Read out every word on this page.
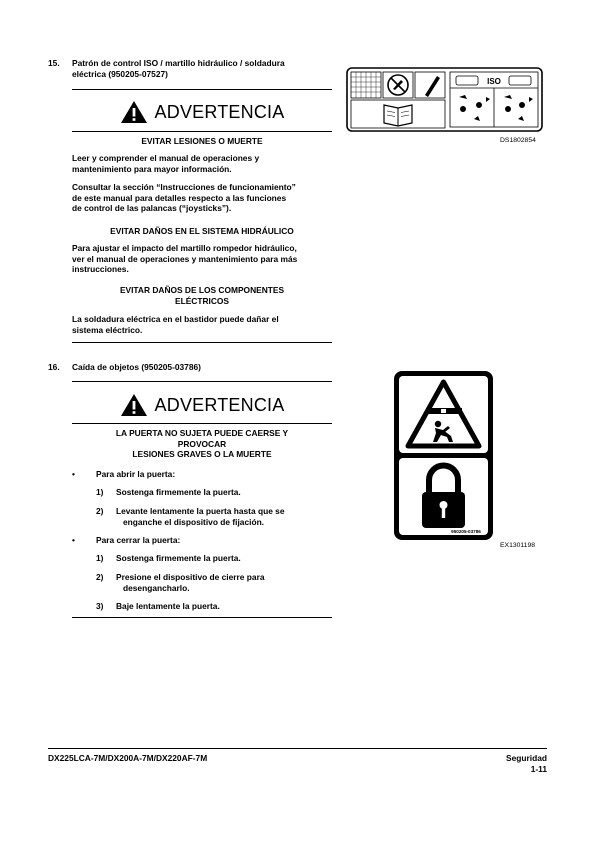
15. Patrón de control ISO / martillo hidráulico / soldadura
eléctrica (950205-07527)
ADVERTENCIA
EVITAR LESIONES O MUERTE
Leer y comprender el manual de operaciones y
mantenimiento para mayor información.
Consultar la sección “Instrucciones de funcionamiento”
de este manual para detalles respecto a las funciones
de control de las palancas (“joysticks”).
EVITAR DAÑOS EN EL SISTEMA HIDRÁULICO
Para ajustar el impacto del martillo rompedor hidráulico,
ver el manual de operaciones y mantenimiento para más
instrucciones.
EVITAR DAÑOS DE LOS COMPONENTES
ELÉCTRICOS
La soldadura eléctrica en el bastidor puede dañar el
sistema eléctrico.
ISO
DS1802854
16. Caída de objetos (950205-03786)
ADVERTENCIA
LA PUERTA NO SUJETA PUEDE CAERSE Y
PROVOCAR
LESIONES GRAVES O LA MUERTE
•	Para abrir la puerta:
1) Sostenga firmemente la puerta.
2) Levante lentamente la puerta hasta que se
enganche el dispositivo de fijación.
•	Para cerrar la puerta:
1) Sostenga firmemente la puerta.
2) Presione el dispositivo de cierre para
desengancharlo.
3) Baje lentamente la puerta.
950205-03786
EX1301198
DX225LCA-7M/DX200A-7M/DX220AF-7M	Seguridad
1-11
